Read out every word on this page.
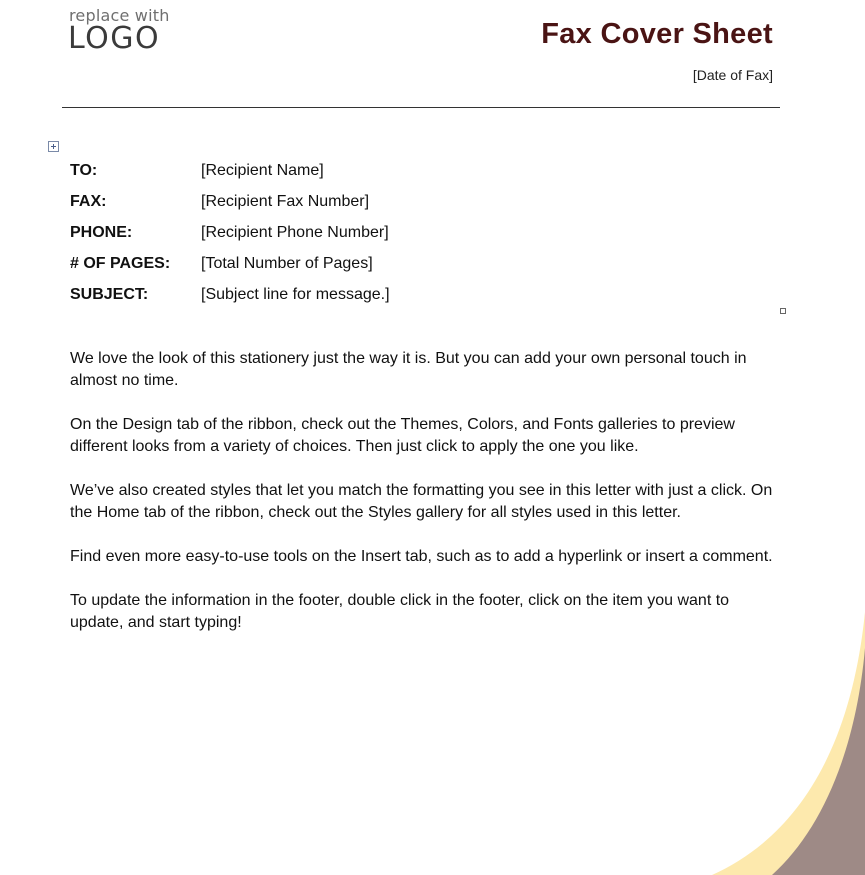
replace with
LOGO	Fax Cover Sheet
[Date of Fax]
TO:	[Recipient Name]
FAX:	[Recipient Fax Number]
PHONE:	[Recipient Phone Number]
# OF PAGES: [Total Number of Pages]
SUBJECT:	[Subject line for message.]

We love the look of this stationery just the way it is. But you can add your own personal touch in almost no time.

On the Design tab of the ribbon, check out the Themes, Colors, and Fonts galleries to preview different looks from a variety of choices. Then just click to apply the one you like.

We’ve also created styles that let you match the formatting you see in this letter with just a click. On the Home tab of the ribbon, check out the Styles gallery for all styles used in this letter.

Find even more easy-to-use tools on the Insert tab, such as to add a hyperlink or insert a comment.

To update the information in the footer, double click in the footer, click on the item you want to update, and start typing!
